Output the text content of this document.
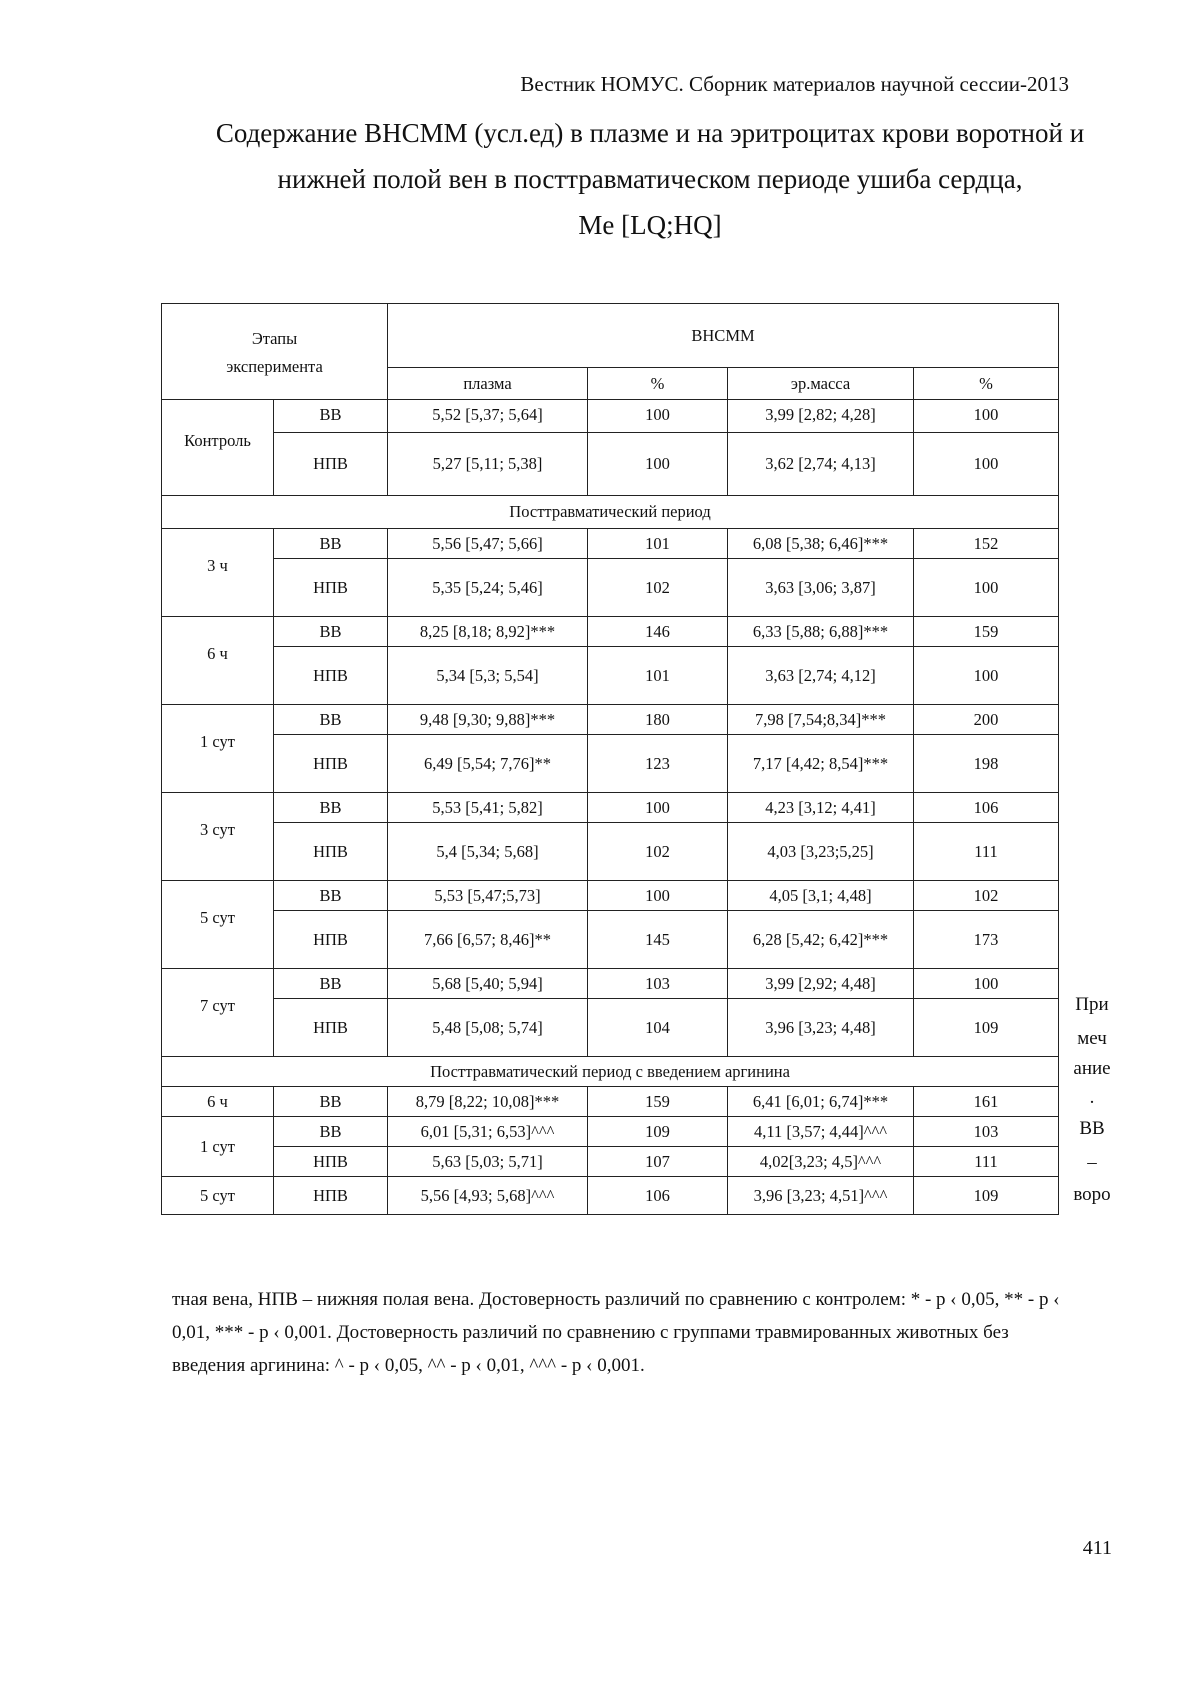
Вестник НОМУС. Сборник материалов научной сессии-2013
Содержание ВНСММ (усл.ед) в плазме и на эритроцитах крови воротной и
нижней полой вен в посттравматическом периоде ушиба сердца,
Me [LQ;HQ]
Этапы
эксперимента		ВНСММ			
		плазма	%	эр.масса	%
Контроль	ВВ	5,52 [5,37; 5,64]	100	3,99 [2,82; 4,28]	100
	НПВ	5,27 [5,11; 5,38]	100	3,62 [2,74; 4,13]	100
Посттравматический период					
3 ч	ВВ	5,56 [5,47; 5,66]	101	6,08 [5,38; 6,46]***	152
	НПВ	5,35 [5,24; 5,46]	102	3,63 [3,06; 3,87]	100
6 ч	ВВ	8,25 [8,18; 8,92]***	146	6,33 [5,88; 6,88]***	159
	НПВ	5,34 [5,3; 5,54]	101	3,63 [2,74; 4,12]	100
1 сут	ВВ	9,48 [9,30; 9,88]***	180	7,98 [7,54;8,34]***	200
	НПВ	6,49 [5,54; 7,76]**	123	7,17 [4,42; 8,54]***	198
3 сут	ВВ	5,53 [5,41; 5,82]	100	4,23 [3,12; 4,41]	106
	НПВ	5,4 [5,34; 5,68]	102	4,03 [3,23;5,25]	111
5 сут	ВВ	5,53 [5,47;5,73]	100	4,05 [3,1; 4,48]	102
	НПВ	7,66 [6,57; 8,46]**	145	6,28 [5,42; 6,42]***	173
7 сут	ВВ	5,68 [5,40; 5,94]	103	3,99 [2,92; 4,48]	100
	НПВ	5,48 [5,08; 5,74]	104	3,96 [3,23; 4,48]	109
Посттравматический период с введением аргинина					
6 ч	ВВ	8,79 [8,22; 10,08]***	159	6,41 [6,01; 6,74]***	161
1 сут	ВВ	6,01 [5,31; 6,53]^^^	109	4,11 [3,57; 4,44]^^^	103
	НПВ	5,63 [5,03; 5,71]	107	4,02[3,23; 4,5]^^^	111
5 сут	НПВ	5,56 [4,93; 5,68]^^^	106	3,96 [3,23; 4,51]^^^	109
При
меч
ание
.
ВВ
–
воро
тная вена, НПВ – нижняя полая вена. Достоверность различий по сравнению с контролем: * - p ‹ 0,05, ** - p ‹
0,01, *** - p ‹ 0,001. Достоверность различий по сравнению с группами травмированных животных без
введения аргинина: ^ - p ‹ 0,05, ^^ - p ‹ 0,01, ^^^ - p ‹ 0,001.
411
